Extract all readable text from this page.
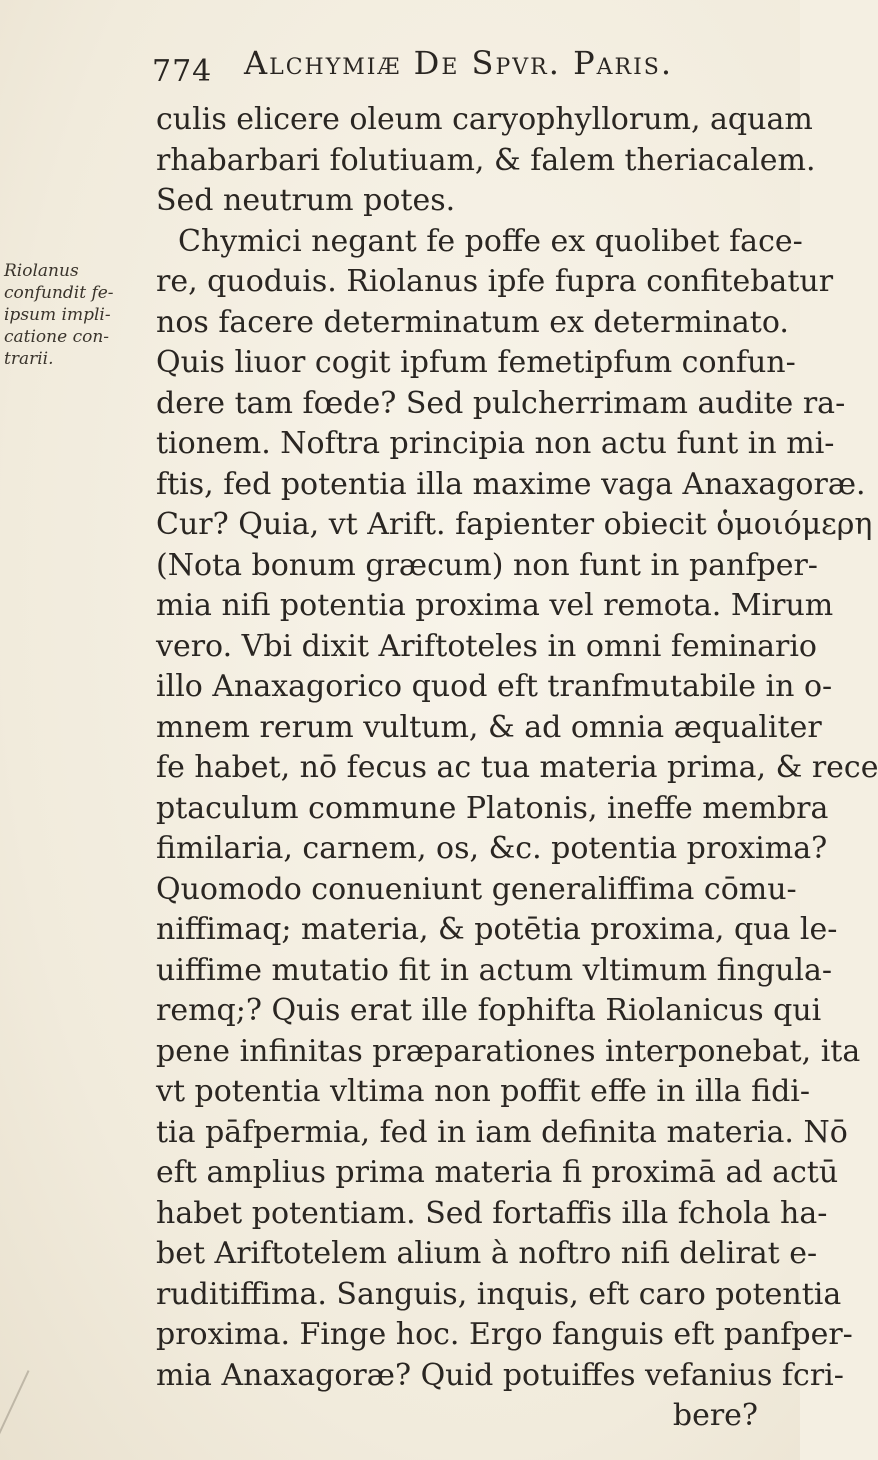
774 Alchymiæ De Spvr. Paris.
Riolanus
confundit fe-
ipsum impli-
catione con-
trarii.
culis elicere oleum caryophyllorum, aquam
rhabarbari folutiuam, & falem theriacalem.
Sed neutrum potes.
Chymici negant fe poffe ex quolibet face-
re, quoduis. Riolanus ipfe fupra confitebatur
nos facere determinatum ex determinato.
Quis liuor cogit ipfum femetipfum confun-
dere tam fœde? Sed pulcherrimam audite ra-
tionem. Noftra principia non actu funt in mi-
ftis, fed potentia illa maxime vaga Anaxagoræ.
Cur? Quia, vt Arift. fapienter obiecit ὁμοιόμερη
(Nota bonum græcum) non funt in panfper-
mia nifi potentia proxima vel remota. Mirum
vero. Vbi dixit Ariftoteles in omni feminario
illo Anaxagorico quod eft tranfmutabile in o-
mnem rerum vultum, & ad omnia æqualiter
fe habet, nō fecus ac tua materia prima, & rece
ptaculum commune Platonis, ineffe membra
fimilaria, carnem, os, &c. potentia proxima?
Quomodo conueniunt generaliffima cōmu-
niffimaq; materia, & potētia proxima, qua le-
uiffime mutatio fit in actum vltimum fingula-
remq;? Quis erat ille fophifta Riolanicus qui
pene infinitas præparationes interponebat, ita
vt potentia vltima non poffit effe in illa fidi-
tia pāfpermia, fed in iam definita materia. Nō
eft amplius prima materia fi proximā ad actū
habet potentiam. Sed fortaffis illa fchola ha-
bet Ariftotelem alium à noftro nifi delirat e-
ruditiffima. Sanguis, inquis, eft caro potentia
proxima. Finge hoc. Ergo fanguis eft panfper-
mia Anaxagoræ? Quid potuiffes vefanius fcri-
bere?
